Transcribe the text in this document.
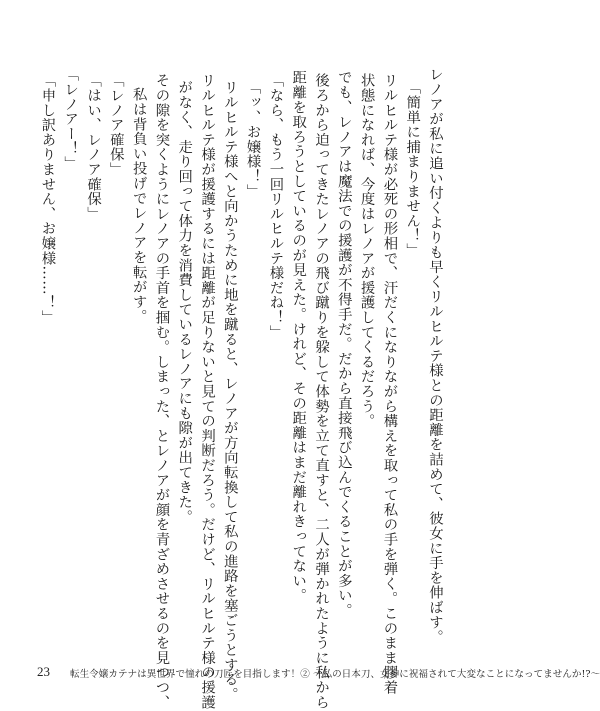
レノアが私に追い付くよりも早くリルヒルテ様との距離を詰めて、彼女に手を伸ばす。
「簡単に捕まりません！」
リルヒルテ様が必死の形相で、汗だくになりながら構えを取って私の手を弾く。このまま膠着
状態になれば、今度はレノアが援護してくるだろう。
でも、レノアは魔法での援護が不得手だ。だから直接飛び込んでくることが多い。
後ろから迫ってきたレノアの飛び蹴りを躱して体勢を立て直すと、二人が弾かれたように私から
距離を取ろうとしているのが見えた。けれど、その距離はまだ離れきってない。
「なら、もう一回リルヒルテ様だね！」
「ッ、お嬢様！」
リルヒルテ様へと向かうために地を蹴ると、レノアが方向転換して私の進路を塞ごうとする。
リルヒルテ様が援護するには距離が足りないと見ての判断だろう。だけど、リルヒルテ様の援護
がなく、走り回って体力を消費しているレノアにも隙が出てきた。
その隙を突くようにレノアの手首を掴む。しまった、とレノアが顔を青ざめさせるのを見つつ、
私は背負い投げでレノアを転がす。
「レノア確保」
「はい、レノア確保」
「レノアー！」
「申し訳ありません、お嬢様……！」
23 転生令嬢カテナは異世界で憧れの刀匠を目指します！② ～私の日本刀、女神に祝福されて大変なことになってませんか!?～
